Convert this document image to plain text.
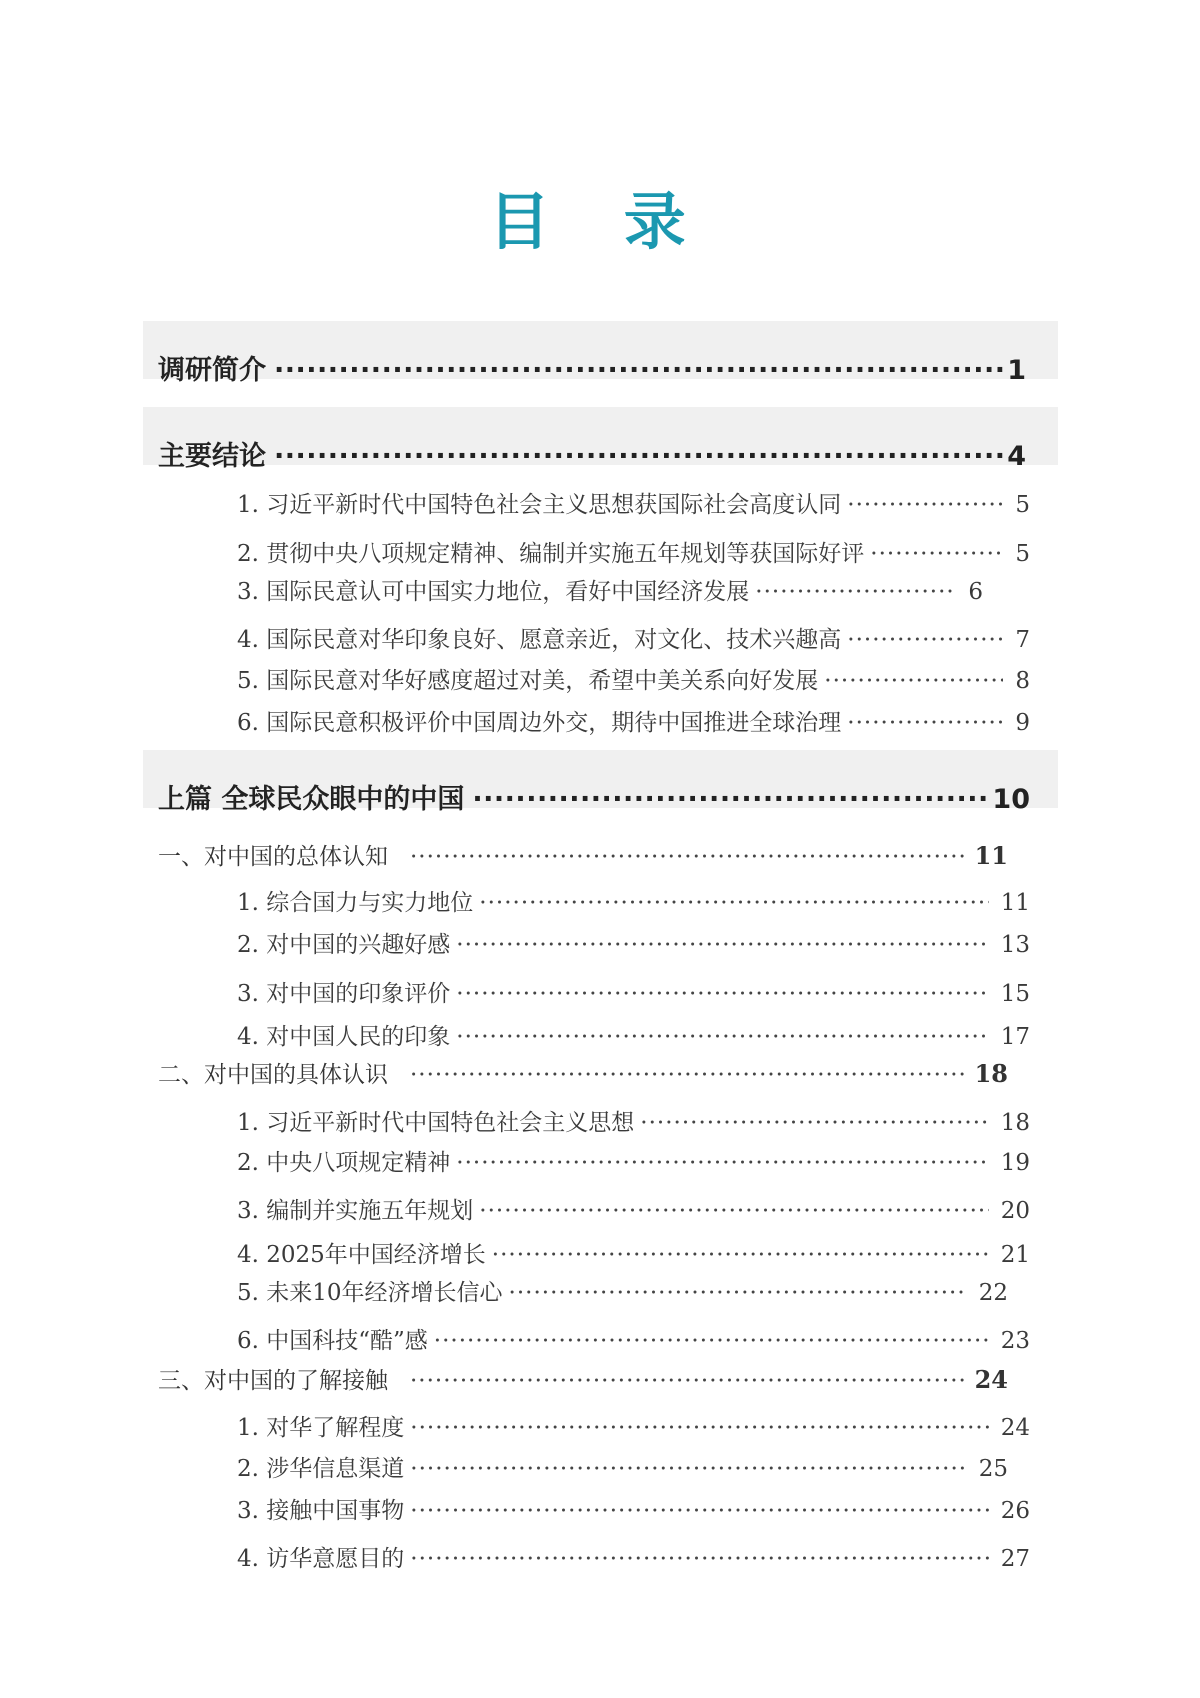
目 录
调研简介 ·····	1
主要结论 ·····	4
1. 习近平新时代中国特色社会主义思想获国际社会高度认同 ·····	5
2. 贯彻中央八项规定精神、编制并实施五年规划等获国际好评 ·····	5
3. 国际民意认可中国实力地位，看好中国经济发展 ·····	6
4. 国际民意对华印象良好、愿意亲近，对文化、技术兴趣高 ·····	7
5. 国际民意对华好感度超过对美，希望中美关系向好发展 ·····	8
6. 国际民意积极评价中国周边外交，期待中国推进全球治理 ·····	9
上篇 全球民众眼中的中国 ·····	10
一、对中国的总体认知 ·····	11
1. 综合国力与实力地位 ·····	11
2. 对中国的兴趣好感 ·····	13
3. 对中国的印象评价 ·····	15
4. 对中国人民的印象 ·····	17
二、对中国的具体认识 ·····	18
1. 习近平新时代中国特色社会主义思想 ·····	18
2. 中央八项规定精神 ·····	19
3. 编制并实施五年规划 ·····	20
4. 2025年中国经济增长 ·····	21
5. 未来10年经济增长信心 ·····	22
6. 中国科技“酷”感 ·····	23
三、对中国的了解接触 ·····	24
1. 对华了解程度 ·····	24
2. 涉华信息渠道 ·····	25
3. 接触中国事物 ·····	26
4. 访华意愿目的 ·····	27
